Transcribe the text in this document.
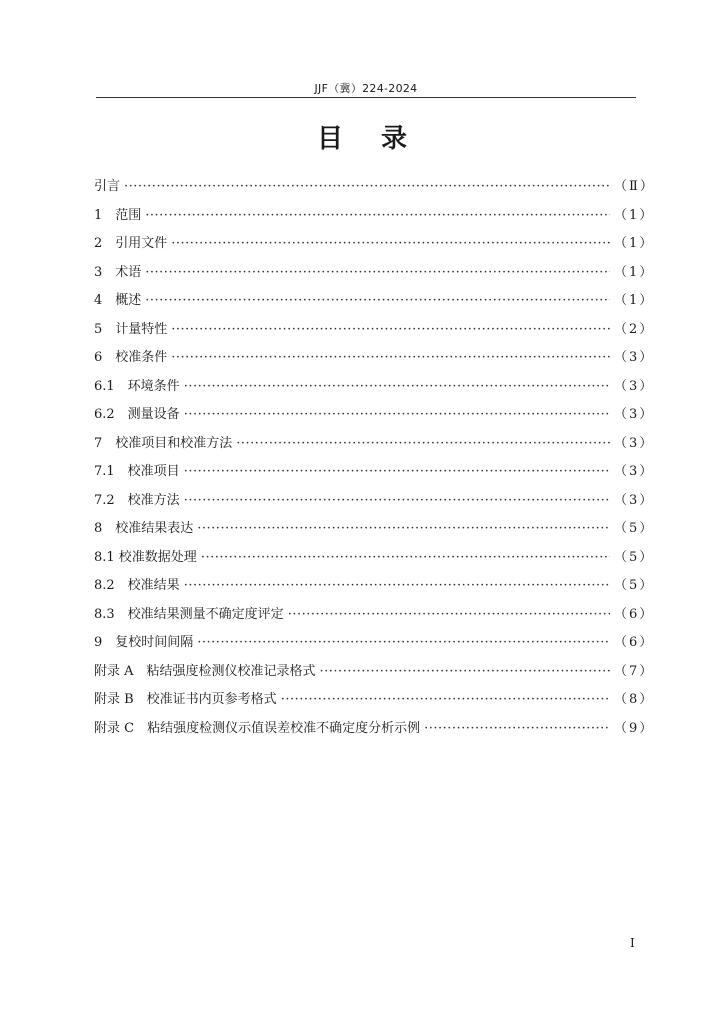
JJF（冀）224-2024
目录
引言 ·····	（Ⅱ）
1　范围 ·····	（1）
2　引用文件 ·····	（1）
3　术语 ·····	（1）
4　概述 ·····	（1）
5　计量特性 ·····	（2）
6　校准条件 ·····	（3）
6.1　环境条件 ·····	（3）
6.2　测量设备 ·····	（3）
7　校准项目和校准方法 ·····	（3）
7.1　校准项目 ·····	（3）
7.2　校准方法 ·····	（3）
8　校准结果表达 ·····	（5）
8.1 校准数据处理 ·····	（5）
8.2　校准结果 ·····	（5）
8.3　校准结果测量不确定度评定 ·····	（6）
9　复校时间间隔 ·····	（6）
附录 A　粘结强度检测仪校准记录格式 ·····	（7）
附录 B　校准证书内页参考格式 ·····	（8）
附录 C　粘结强度检测仪示值误差校准不确定度分析示例 ·····	（9）
I
